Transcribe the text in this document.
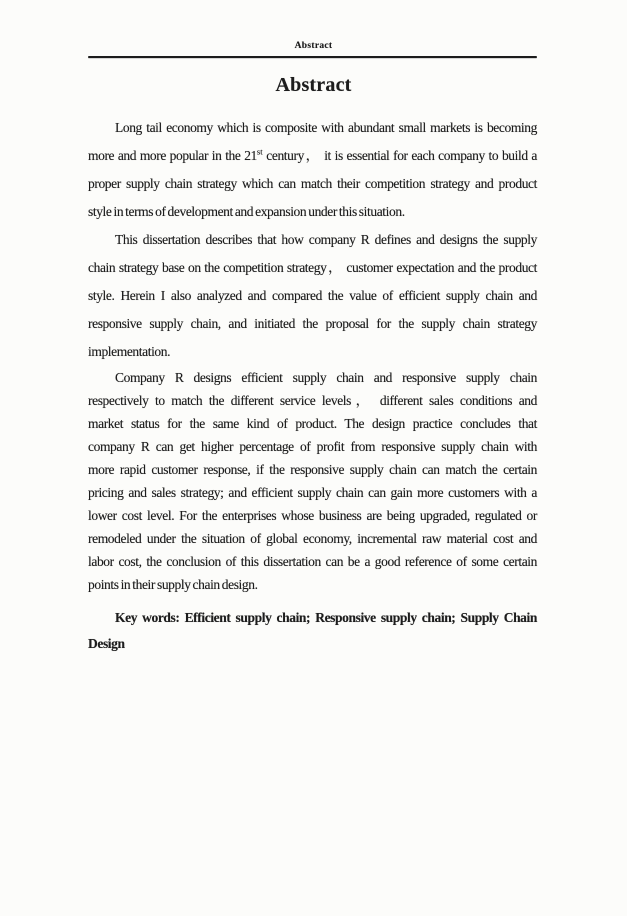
Abstract
Abstract
Long tail economy which is composite with abundant small markets is becoming
more and more popular in the 21st century， it is essential for each company to build a
proper supply chain strategy which can match their competition strategy and product
style in terms of development and expansion under this situation.
This dissertation describes that how company R defines and designs the supply
chain strategy base on the competition strategy， customer expectation and the product
style. Herein I also analyzed and compared the value of efficient supply chain and
responsive supply chain, and initiated the proposal for the supply chain strategy
implementation.
Company R designs efficient supply chain and responsive supply chain
respectively to match the different service levels， different sales conditions and
market status for the same kind of product. The design practice concludes that
company R can get higher percentage of profit from responsive supply chain with
more rapid customer response, if the responsive supply chain can match the certain
pricing and sales strategy; and efficient supply chain can gain more customers with a
lower cost level. For the enterprises whose business are being upgraded, regulated or
remodeled under the situation of global economy, incremental raw material cost and
labor cost, the conclusion of this dissertation can be a good reference of some certain
points in their supply chain design.
Key words: Efficient supply chain; Responsive supply chain; Supply Chain
Design
